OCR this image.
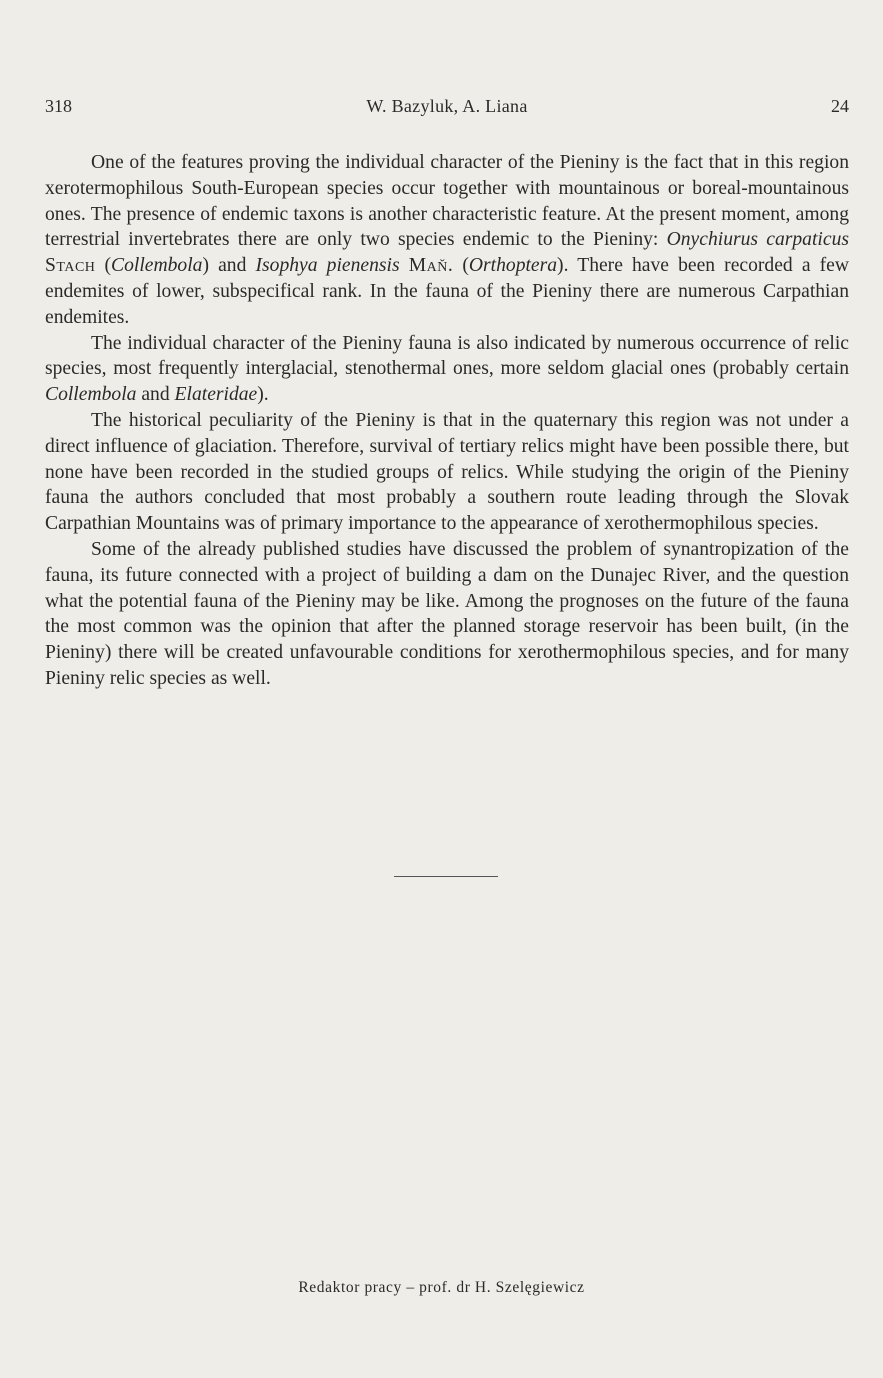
318	W. Bazyluk, A. Liana	24

One of the features proving the individual character of the Pieniny is the fact that in this region xerotermophilous South-European species occur together with mountainous or boreal-mountainous ones. The presence of endemic taxons is another characteristic feature. At the present moment, among terrestrial invertebrates there are only two species endemic to the Pieniny: Onychiurus carpaticus Stach (Collembola) and Isophya pienensis Maň. (Orthoptera). There have been recorded a few endemites of lower, subspecifical rank. In the fauna of the Pieniny there are numerous Carpathian endemites.

The individual character of the Pieniny fauna is also indicated by numerous occurrence of relic species, most frequently interglacial, stenothermal ones, more seldom glacial ones (probably certain Collembola and Elateridae).

The historical peculiarity of the Pieniny is that in the quaternary this region was not under a direct influence of glaciation. Therefore, survival of tertiary relics might have been possible there, but none have been recorded in the studied groups of relics. While studying the origin of the Pieniny fauna the authors concluded that most probably a southern route leading through the Slovak Carpathian Mountains was of primary importance to the appearance of xerothermophilous species.

Some of the already published studies have discussed the problem of synantropization of the fauna, its future connected with a project of building a dam on the Dunajec River, and the question what the potential fauna of the Pieniny may be like. Among the prognoses on the future of the fauna the most common was the opinion that after the planned storage reservoir has been built, (in the Pieniny) there will be created unfavourable conditions for xerothermophilous species, and for many Pieniny relic species as well.

Redaktor pracy – prof. dr H. Szelęgiewicz
